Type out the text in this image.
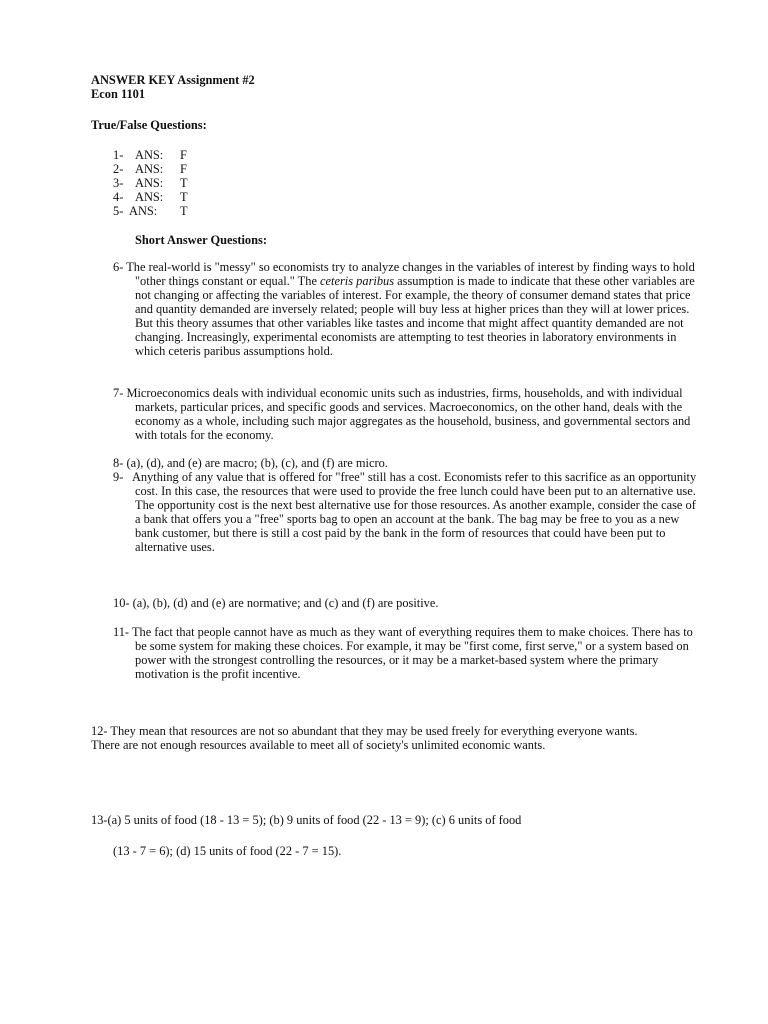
ANSWER KEY Assignment #2
Econ 1101
True/False Questions:
1- ANS: F
2- ANS: F
3- ANS: T
4- ANS: T
5- ANS: T
Short Answer Questions:
6- The real-world is "messy" so economists try to analyze changes in the variables of interest by finding ways to hold "other things constant or equal." The ceteris paribus assumption is made to indicate that these other variables are not changing or affecting the variables of interest. For example, the theory of consumer demand states that price and quantity demanded are inversely related; people will buy less at higher prices than they will at lower prices. But this theory assumes that other variables like tastes and income that might affect quantity demanded are not changing. Increasingly, experimental economists are attempting to test theories in laboratory environments in which ceteris paribus assumptions hold.
7- Microeconomics deals with individual economic units such as industries, firms, households, and with individual markets, particular prices, and specific goods and services. Macroeconomics, on the other hand, deals with the economy as a whole, including such major aggregates as the household, business, and governmental sectors and with totals for the economy.
8- (a), (d), and (e) are macro; (b), (c), and (f) are micro.
9- Anything of any value that is offered for "free" still has a cost. Economists refer to this sacrifice as an opportunity cost. In this case, the resources that were used to provide the free lunch could have been put to an alternative use. The opportunity cost is the next best alternative use for those resources. As another example, consider the case of a bank that offers you a "free" sports bag to open an account at the bank. The bag may be free to you as a new bank customer, but there is still a cost paid by the bank in the form of resources that could have been put to alternative uses.
10- (a), (b), (d) and (e) are normative; and (c) and (f) are positive.
11- The fact that people cannot have as much as they want of everything requires them to make choices. There has to be some system for making these choices. For example, it may be "first come, first serve," or a system based on power with the strongest controlling the resources, or it may be a market-based system where the primary motivation is the profit incentive.
12- They mean that resources are not so abundant that they may be used freely for everything everyone wants. There are not enough resources available to meet all of society's unlimited economic wants.
13-(a) 5 units of food (18 - 13 = 5); (b) 9 units of food (22 - 13 = 9); (c) 6 units of food
(13 - 7 = 6); (d) 15 units of food (22 - 7 = 15).
